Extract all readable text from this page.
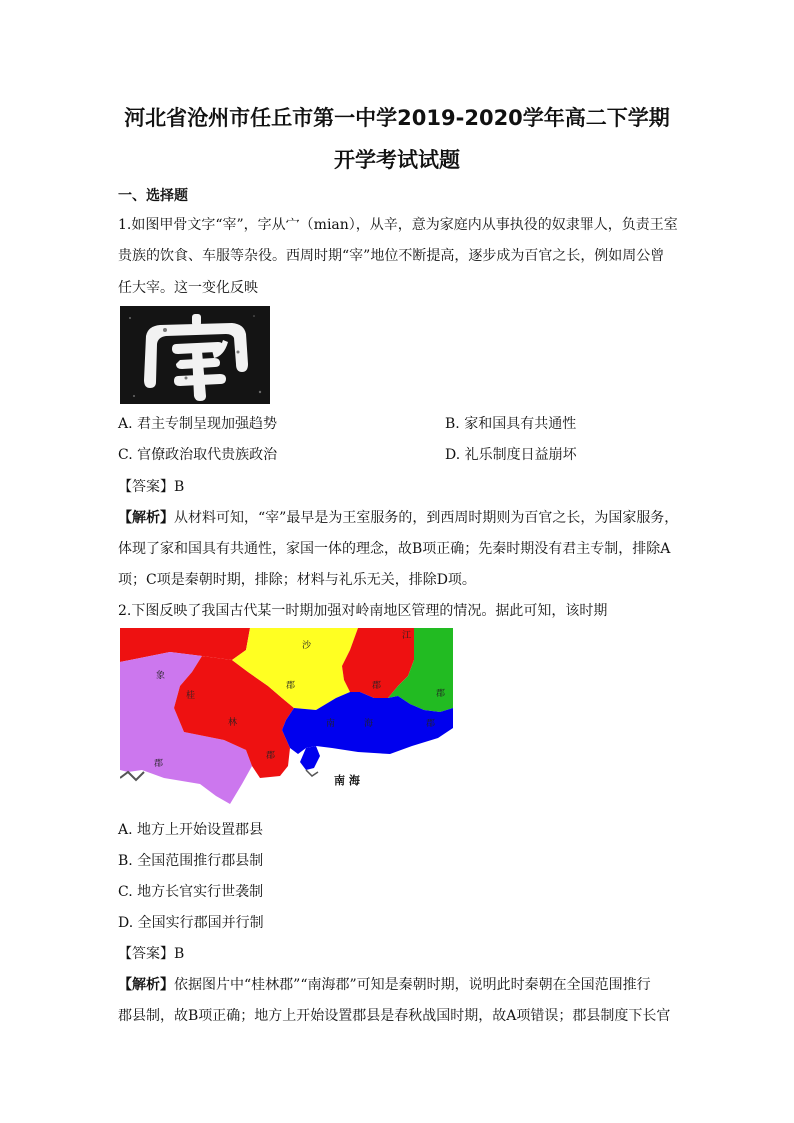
河北省沧州市任丘市第一中学2019-2020学年高二下学期
开学考试试题
一、选择题
1.如图甲骨文字“宰”，字从宀（mian），从辛，意为家庭内从事执役的奴隶罪人，负责王室
贵族的饮食、车服等杂役。西周时期“宰”地位不断提高，逐步成为百官之长，例如周公曾
任大宰。这一变化反映
A. 君主专制呈现加强趋势	B. 家和国具有共通性
C. 官僚政治取代贵族政治	D. 礼乐制度日益崩坏
【答案】B
【解析】从材料可知，“宰”最早是为王室服务的，到西周时期则为百官之长，为国家服务，
体现了家和国具有共通性，家国一体的理念，故B项正确；先秦时期没有君主专制，排除A
项；C项是秦朝时期，排除；材料与礼乐无关，排除D项。
2.下图反映了我国古代某一时期加强对岭南地区管理的情况。据此可知，该时期
象
桂
林
郡
郡
沙
郡
江
郡
郡
南	海	郡
南 海
A. 地方上开始设置郡县
B. 全国范围推行郡县制
C. 地方长官实行世袭制
D. 全国实行郡国并行制
【答案】B
【解析】依据图片中“桂林郡”“南海郡”可知是秦朝时期，说明此时秦朝在全国范围推行
郡县制，故B项正确；地方上开始设置郡县是春秋战国时期，故A项错误；郡县制度下长官
